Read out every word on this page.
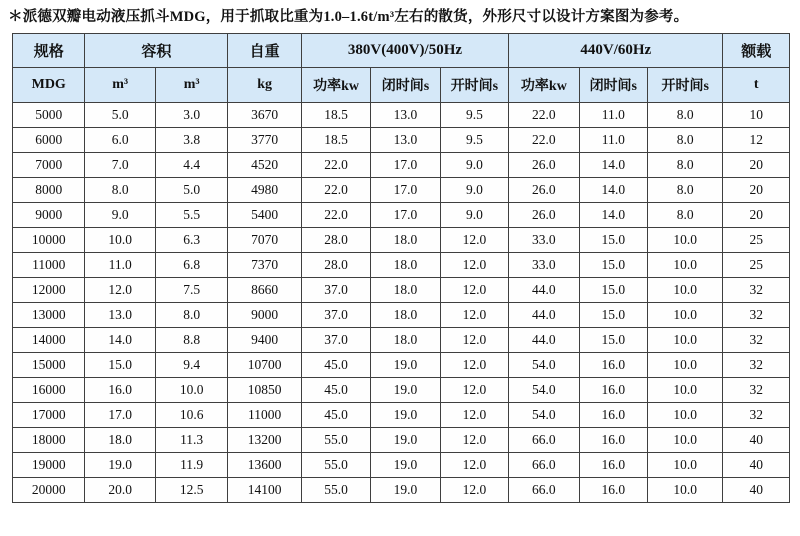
＊派德双瓣电动液压抓斗MDG，用于抓取比重为1.0–1.6t/m³左右的散货，外形尺寸以设计方案图为参考。
规格	容积		自重	380V(400V)/50Hz			440V/60Hz			额载
MDG	m³	m³	kg	功率kw	闭时间s	开时间s	功率kw	闭时间s	开时间s	t
5000	5.0	3.0	3670	18.5	13.0	9.5	22.0	11.0	8.0	10
6000	6.0	3.8	3770	18.5	13.0	9.5	22.0	11.0	8.0	12
7000	7.0	4.4	4520	22.0	17.0	9.0	26.0	14.0	8.0	20
8000	8.0	5.0	4980	22.0	17.0	9.0	26.0	14.0	8.0	20
9000	9.0	5.5	5400	22.0	17.0	9.0	26.0	14.0	8.0	20
10000	10.0	6.3	7070	28.0	18.0	12.0	33.0	15.0	10.0	25
11000	11.0	6.8	7370	28.0	18.0	12.0	33.0	15.0	10.0	25
12000	12.0	7.5	8660	37.0	18.0	12.0	44.0	15.0	10.0	32
13000	13.0	8.0	9000	37.0	18.0	12.0	44.0	15.0	10.0	32
14000	14.0	8.8	9400	37.0	18.0	12.0	44.0	15.0	10.0	32
15000	15.0	9.4	10700	45.0	19.0	12.0	54.0	16.0	10.0	32
16000	16.0	10.0	10850	45.0	19.0	12.0	54.0	16.0	10.0	32
17000	17.0	10.6	11000	45.0	19.0	12.0	54.0	16.0	10.0	32
18000	18.0	11.3	13200	55.0	19.0	12.0	66.0	16.0	10.0	40
19000	19.0	11.9	13600	55.0	19.0	12.0	66.0	16.0	10.0	40
20000	20.0	12.5	14100	55.0	19.0	12.0	66.0	16.0	10.0	40
